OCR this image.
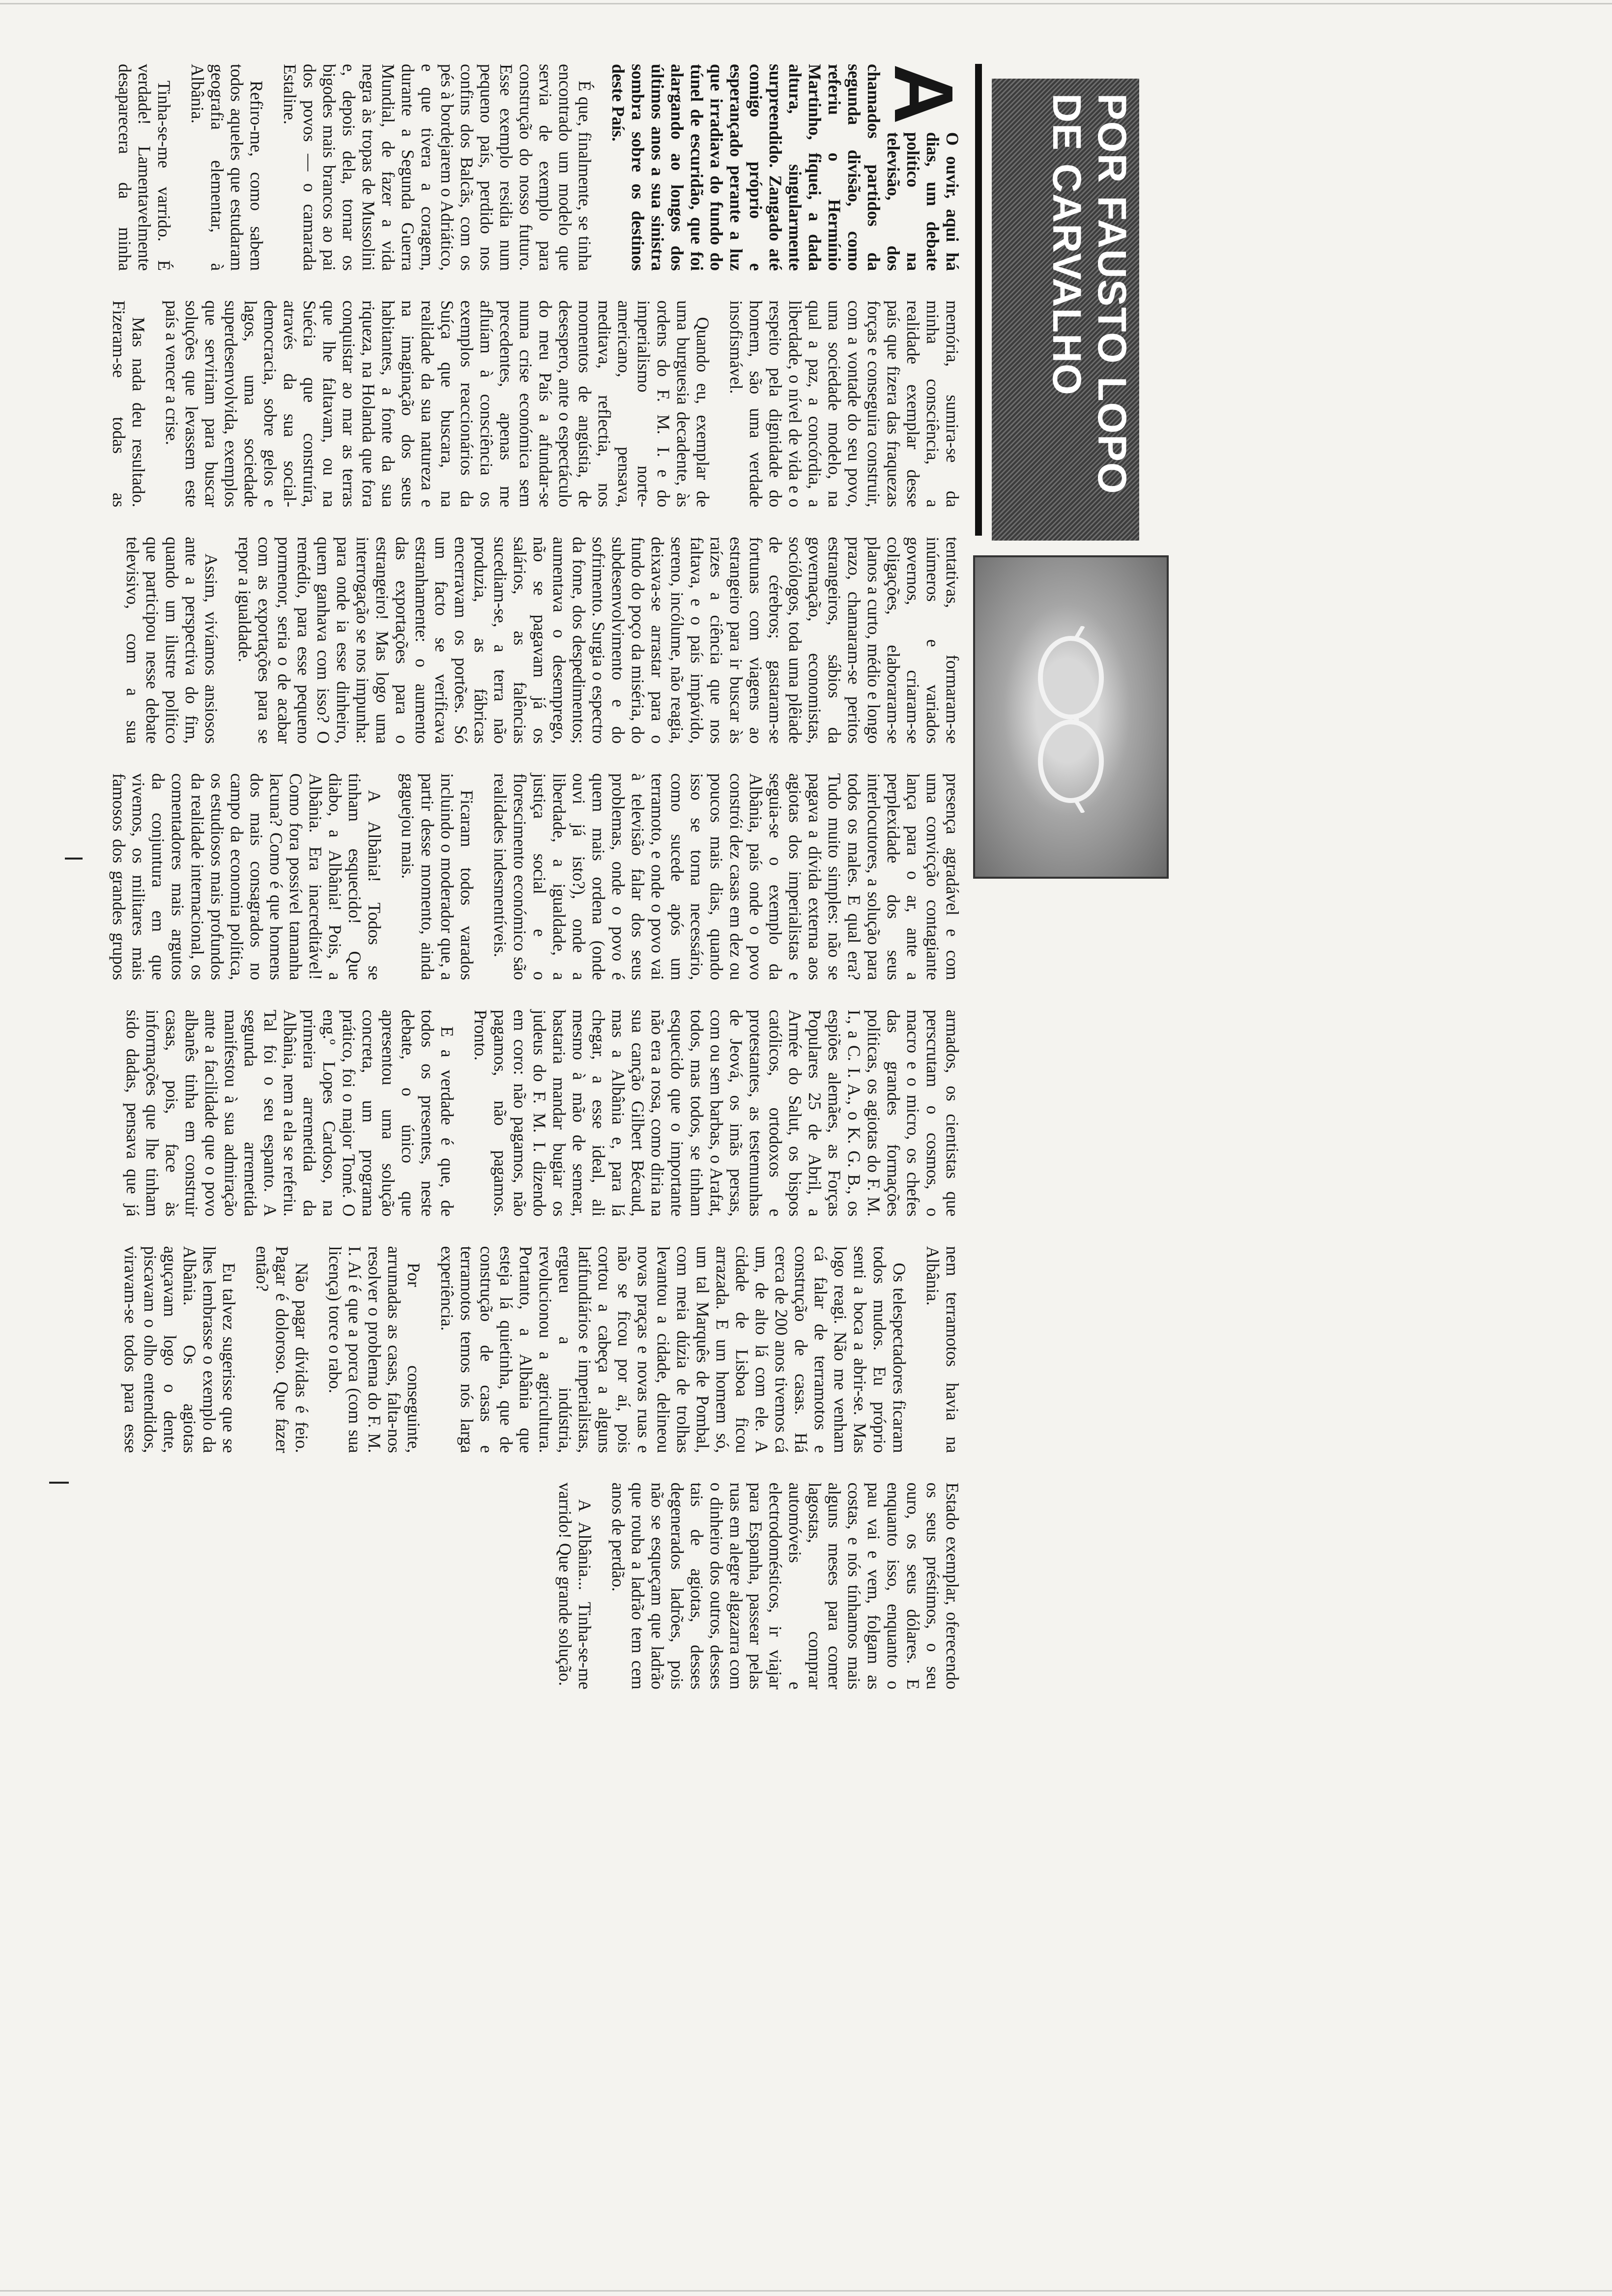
POR FAUSTO LOPO DE CARVALHO

A
O ouvir, aqui há dias, um debate político na televisão, dos chamados partidos da segunda divisão, como referiu o Hermínio Martinho, fiquei, a dada altura, singularmente surpreendido. Zangado até comigo próprio e esperançado perante a luz que irradiava do fundo do túnel de escuridão, que foi alargando ao longos dos últimos anos a sua sinistra sombra sobre os destinos deste País.

É que, finalmente, se tinha encontrado um modelo que servia de exemplo para construção do nosso futuro. Esse exemplo residia num pequeno país, perdido nos confins dos Balcãs, com os pés à bordejarem o Adriático, e que tivera a coragem, durante a Segunda Guerra Mundial, de fazer a vida negra às tropas de Mussolini e, depois dela, tornar os bigodes mais brancos ao pai dos povos — o camarada Estaline.

Refiro-me, como sabem todos aqueles que estudaram geografia elementar, à Albânia.

Tinha-se-me varrido. É verdade! Lamentavelmente desaparecera da minha memória, sumira-se da minha consciência, a realidade exemplar desse país que fizera das fraquezas forças e conseguira construir, com a vontade do seu povo, uma sociedade modelo, na qual a paz, a concórdia, a liberdade, o nível de vida e o respeito pela dignidade do homem, são uma verdade insofismável.

Quando eu, exemplar de uma burguesia decadente, às ordens do F. M. I. e do imperialismo norte-americano, pensava, meditava, reflectia, nos momentos de angústia, de desespero, ante o espectáculo do meu País a afundar-se numa crise económica sem precedentes, apenas me afluíam à consciência os exemplos reaccionários da Suíça que buscara, na realidade da sua natureza e na imaginação dos seus habitantes, a fonte da sua riqueza, na Holanda que fora conquistar ao mar as terras que lhe faltavam, ou na Suécia que construíra, através da sua social-democracia, sobre gelos e lagos, uma sociedade superdesenvolvida, exemplos que serviriam para buscar soluções que levassem este país a vencer a crise.

Mas nada deu resultado. Fizeram-se todas as tentativas, formaram-se inúmeros e variados governos, criaram-se coligações, elaboraram-se planos a curto, médio e longo prazo, chamaram-se peritos estrangeiros, sábios da governação, economistas, sociólogos, toda uma plêiade de cérebros; gastaram-se fortunas com viagens ao estrangeiro para ir buscar às raízes a ciência que nos faltava, e o país impávido, sereno, incólume, não reagia, deixava-se arrastar para o fundo do poço da miséria, do subdesenvolvimento e do sofrimento. Surgia o espectro da fome, dos despedimentos; aumentava o desemprego, não se pagavam já os salários, as falências sucediam-se, a terra não produzia, as fábricas encerravam os portões. Só um facto se verificava estranhamente: o aumento das exportações para o estrangeiro! Mas logo uma interrogação se nos impunha: para onde ia esse dinheiro, quem ganhava com isso? O remédio, para esse pequeno pormenor, seria o de acabar com as exportações para se repor a igualdade.

Assim, vivíamos ansiosos ante a perspectiva do fim, quando um ilustre político que participou nesse debate televisivo, com a sua presença agradável e com uma convicção contagiante lança para o ar, ante a perplexidade dos seus interlocutores, a solução para todos os males. E qual era? Tudo muito simples: não se pagava a dívida externa aos agiotas dos imperialistas e seguia-se o exemplo da Albânia, país onde o povo constrói dez casas em dez ou poucos mais dias, quando isso se torna necessário, como sucede após um terramoto, e onde o povo vai à televisão falar dos seus problemas, onde o povo é quem mais ordena (onde ouvi já isto?), onde a liberdade, a igualdade, a justiça social e o florescimento económico são realidades indesmentíveis.

Ficaram todos varados incluindo o moderador que, a partir desse momento, ainda gaguejou mais.

A Albânia! Todos se tinham esquecido! Que diabo, a Albânia! Pois, a Albânia. Era inacreditável! Como fora possível tamanha lacuna? Como é que homens dos mais consagrados no campo da economia política, os estudiosos mais profundos da realidade internacional, os comentadores mais argutos da conjuntura em que vivemos, os militares mais famosos dos grandes grupos armados, os cientistas que perscrutam o cosmos, o macro e o micro, os chefes das grandes formações políticas, os agiotas do F. M. I., a C. I. A., o K. G. B., os espiões alemães, as Forças Populares 25 de Abril, a Armée do Salut, os bispos católicos, ortodoxos e protestantes, as testemunhas de Jeová, os imãs persas, com ou sem barbas, o Arafat, todos, mas todos, se tinham esquecido que o importante não era a rosa, como diria na sua canção Gilbert Bécaud, mas a Albânia e, para lá chegar, a esse ideal, ali mesmo à mão de semear, bastaria mandar bugiar os judeus do F. M. I. dizendo em coro: não pagamos, não pagamos, não pagamos. Pronto.

E a verdade é que, de todos os presentes, neste debate, o único que apresentou uma solução concreta, um programa prático, foi o major Tomé. O eng.º Lopes Cardoso, na primeira arremetida da Albânia, nem a ela se referiu. Tal foi o seu espanto. A segunda arremetida manifestou à sua admiração ante a facilidade que o povo albanês tinha em construir casas, pois, face às informações que lhe tinham sido dadas, pensava que já nem terramotos havia na Albânia.

Os telespectadores ficaram todos mudos. Eu próprio senti a boca a abrir-se. Mas logo reagi. Não me venham cá falar de terramotos e construção de casas. Há cerca de 200 anos tivemos cá um, de alto lá com ele. A cidade de Lisboa ficou arrazada. E um homem só, um tal Marquês de Pombal, com meia dúzia de trolhas levantou a cidade, delineou novas praças e novas ruas e não se ficou por aí, pois cortou a cabeça a alguns latifundiários e imperialistas, ergueu a indústria, revolucionou a agricultura. Portanto, a Albânia que esteja lá quietinha, que de construção de casas e terramotos temos nós larga experiência.

Por conseguinte, arrumadas as casas, falta-nos resolver o problema do F. M. I. Aí é que a porca (com sua licença) torce o rabo.

Não pagar dívidas é feio. Pagar é doloroso. Que fazer então?

Eu talvez sugerisse que se lhes lembrasse o exemplo da Albânia. Os agiotas aguçavam logo o dente, piscavam o olho entendidos, viravam-se todos para esse Estado exemplar, oferecendo os seus préstimos, o seu ouro, os seus dólares. E enquanto isso, enquanto o pau vai e vem, folgam as costas, e nós tínhamos mais alguns meses para comer lagostas, comprar automóveis e electrodomésticos, ir viajar para Espanha, passear pelas ruas em alegre algazarra com o dinheiro dos outros, desses tais de agiotas, desses degenerados ladrões, pois não se esqueçam que ladrão que rouba a ladrão tem cem anos de perdão.

A Albânia... Tinha-se-me varrido! Que grande solução.
